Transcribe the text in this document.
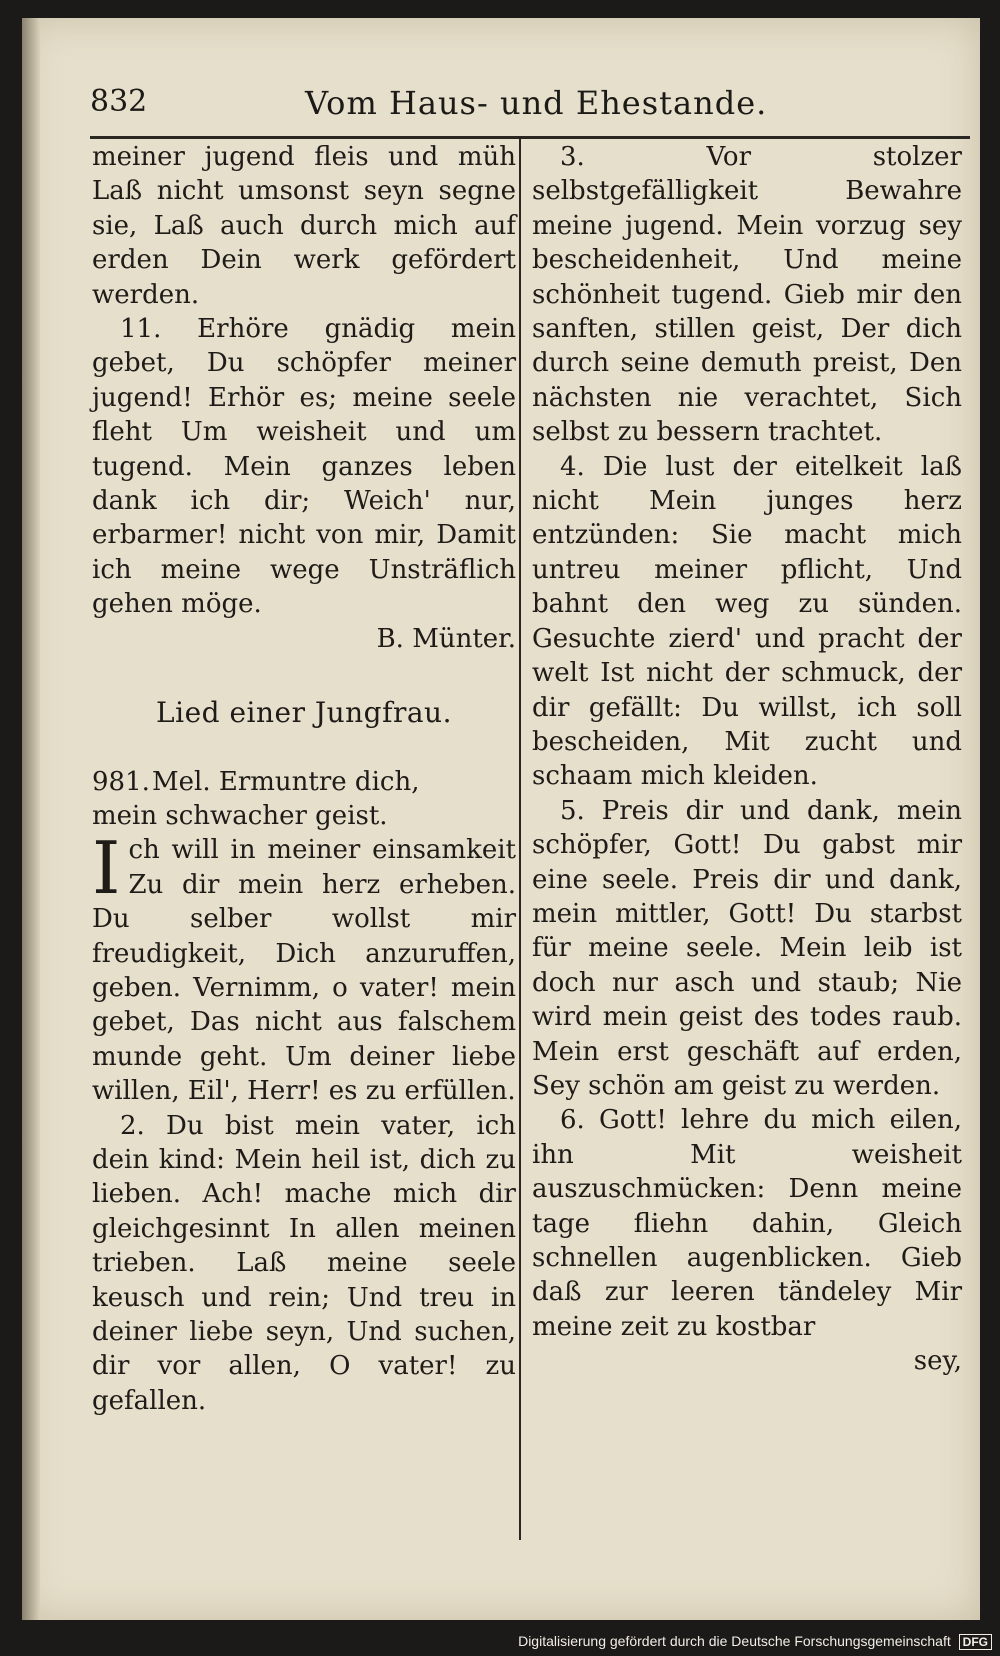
832	Vom Haus- und Ehestande.

meiner jugend fleis und müh Laß nicht umsonst seyn segne sie, Laß auch durch mich auf erden Dein werk gefördert werden.

11. Erhöre gnädig mein gebet, Du schöpfer meiner jugend! Erhör es; meine seele fleht Um weisheit und um tugend. Mein ganzes leben dank ich dir; Weich' nur, erbarmer! nicht von mir, Damit ich meine wege Unsträflich gehen möge.

B. Münter.

Lied einer Jungfrau.

981.Mel. Ermuntre dich,

mein schwacher geist.

Ich will in meiner einsamkeit Zu dir mein herz erheben. Du selber wollst mir freudigkeit, Dich anzuruffen, geben. Vernimm, o vater! mein gebet, Das nicht aus falschem munde geht. Um deiner liebe willen, Eil', Herr! es zu erfüllen.

2. Du bist mein vater, ich dein kind: Mein heil ist, dich zu lieben. Ach! mache mich dir gleichgesinnt In allen meinen trieben. Laß meine seele keusch und rein; Und treu in deiner liebe seyn, Und suchen, dir vor allen, O vater! zu gefallen.

3. Vor stolzer selbstgefälligkeit Bewahre meine jugend. Mein vorzug sey bescheidenheit, Und meine schönheit tugend. Gieb mir den sanften, stillen geist, Der dich durch seine demuth preist, Den nächsten nie verachtet, Sich selbst zu bessern trachtet.

4. Die lust der eitelkeit laß nicht Mein junges herz entzünden: Sie macht mich untreu meiner pflicht, Und bahnt den weg zu sünden. Gesuchte zierd' und pracht der welt Ist nicht der schmuck, der dir gefällt: Du willst, ich soll bescheiden, Mit zucht und schaam mich kleiden.

5. Preis dir und dank, mein schöpfer, Gott! Du gabst mir eine seele. Preis dir und dank, mein mittler, Gott! Du starbst für meine seele. Mein leib ist doch nur asch und staub; Nie wird mein geist des todes raub. Mein erst geschäft auf erden, Sey schön am geist zu werden.

6. Gott! lehre du mich eilen, ihn Mit weisheit auszuschmücken: Denn meine tage fliehn dahin, Gleich schnellen augenblicken. Gieb daß zur leeren tändeley Mir meine zeit zu kostbar

sey,

Digitalisierung gefördert durch die Deutsche Forschungsgemeinschaft DFG
